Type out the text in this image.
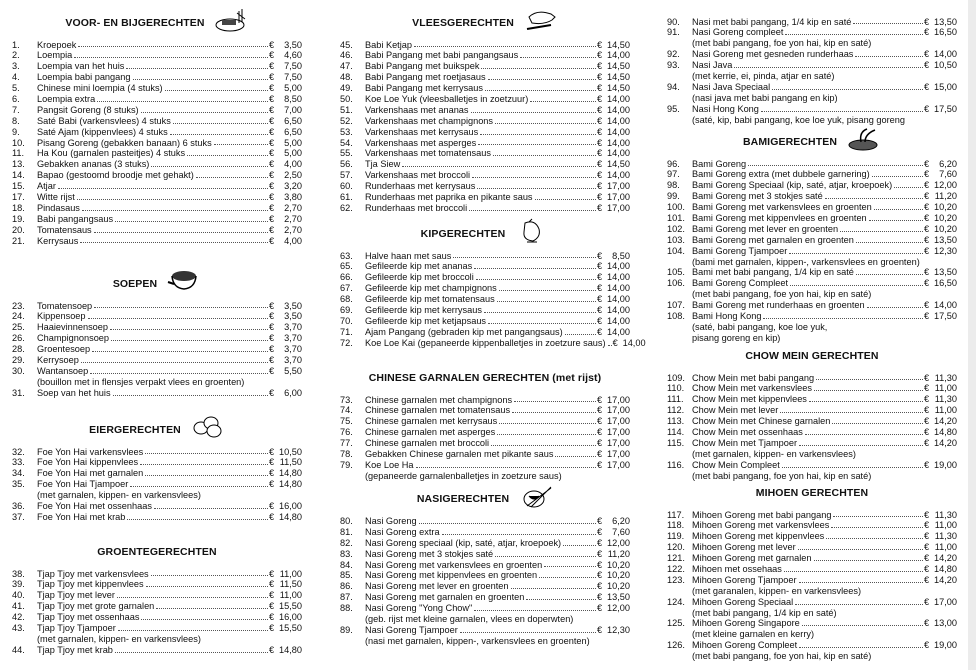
VOOR- EN BIJGERECHTEN
1.	Kroepoek	€	3,50
2.	Loempia	€	4,60
3.	Loempia van het huis	€	7,50
4.	Loempia babi pangang	€	7,50
5.	Chinese mini loempia (4 stuks)	€	5,00
6.	Loempia extra	€	8,50
7.	Pangsit Goreng (8 stuks)	€	7,00
8.	Saté Babi (varkensvlees) 4 stuks	€	6,50
9.	Saté Ajam (kippenvlees) 4 stuks	€	6,50
10.	Pisang Goreng (gebakken banaan) 6 stuks	€	5,00
11.	Ha Kou (garnalen pasteitjes) 4 stuks	€	5,00
13.	Gebakken ananas (3 stuks)	€	4,00
14.	Bapao (gestoomd broodje met gehakt)	€	2,50
15.	Atjar	€	3,20
17.	Witte rijst	€	3,80
18.	Pindasaus	€	2,70
19.	Babi pangangsaus	€	2,70
20.	Tomatensaus	€	2,70
21.	Kerrysaus	€	4,00
SOEPEN
23.	Tomatensoep	€	3,50
24.	Kippensoep	€	3,50
25.	Haaievinnensoep	€	3,70
26.	Champignonsoep	€	3,70
28.	Groentesoep	€	3,70
29.	Kerrysoep	€	3,70
30.	Wantansoep	€	5,50
(bouillon met in flensjes verpakt vlees en groenten)
31.	Soep van het huis	€	6,00
EIERGERECHTEN
32.	Foe Yon Hai varkensvlees	€ 10,50
33.	Foe Yon Hai kippenvlees	€ 11,50
34.	Foe Yon Hai met garnalen	€ 14,80
35.	Foe Yon Hai Tjampoer	€ 14,80
(met garnalen, kippen- en varkensvlees)
36.	Foe Yon Hai met ossenhaas	€ 16,00
37.	Foe Yon Hai met krab	€ 14,80
GROENTEGERECHTEN
38.	Tjap Tjoy met varkensvlees	€ 11,00
39.	Tjap Tjoy met kippenvlees	€ 11,50
40.	Tjap Tjoy met lever	€ 11,00
41.	Tjap Tjoy met grote garnalen	€ 15,50
42.	Tjap Tjoy met ossenhaas	€ 16,00
43.	Tjap Tjoy Tjampoer	€ 15,50
(met garnalen, kippen- en varkensvlees)
44.	Tjap Tjoy met krab	€ 14,80
VLEESGERECHTEN
45.	Babi Ketjap	€ 14,50
46.	Babi Pangang met babi pangangsaus	€ 14,00
47.	Babi Pangang met buikspek	€ 14,50
48.	Babi Pangang met roetjasaus	€ 14,50
49.	Babi Pangang met kerrysaus	€ 14,50
50.	Koe Loe Yuk (vleesballetjes in zoetzuur)	€ 14,00
51.	Varkenshaas met ananas	€ 14,00
52.	Varkenshaas met champignons	€ 14,00
53.	Varkenshaas met kerrysaus	€ 14,00
54.	Varkenshaas met asperges	€ 14,00
55.	Varkenshaas met tomatensaus	€ 14,00
56.	Tja Siew	€ 14,50
57.	Varkenshaas met broccoli	€ 14,00
60.	Runderhaas met kerrysaus	€ 17,00
61.	Runderhaas met paprika en pikante saus	€ 17,00
62.	Runderhaas met broccoli	€ 17,00
KIPGERECHTEN
63.	Halve haan met saus	€	8,50
65.	Gefileerde kip met ananas	€ 14,00
66.	Gefileerde kip met broccoli	€ 14,00
67.	Gefileerde kip met champignons	€ 14,00
68.	Gefileerde kip met tomatensaus	€ 14,00
69.	Gefileerde kip met kerrysaus	€ 14,00
70.	Gefileerde kip met ketjapsaus	€ 14,00
71.	Ajam Pangang (gebraden kip met pangangsaus)	€ 14,00
72.	Koe Loe Kai (gepaneerde kippenballetjes in zoetzure saus) € 14,00
CHINESE GARNALEN GERECHTEN (met rijst)
73.	Chinese garnalen met champignons	€ 17,00
74.	Chinese garnalen met tomatensaus	€ 17,00
75.	Chinese garnalen met kerrysaus	€ 17,00
76.	Chinese garnalen met asperges	€ 17,00
77.	Chinese garnalen met broccoli	€ 17,00
78.	Gebakken Chinese garnalen met pikante saus	€ 17,00
79.	Koe Loe Ha	€ 17,00
(gepaneerde garnalenballetjes in zoetzure saus)
NASIGERECHTEN
80.	Nasi Goreng	€	6,20
81.	Nasi Goreng extra	€	7,60
82.	Nasi Goreng speciaal (kip, saté, atjar, kroepoek)	€ 12,00
83.	Nasi Goreng met 3 stokjes saté	€ 11,20
84.	Nasi Goreng met varkensvlees en groenten	€ 10,20
85.	Nasi Goreng met kippenvlees en groenten	€ 10,20
86.	Nasi Goreng met lever en groenten	€ 10,20
87.	Nasi Goreng met garnalen en groenten	€ 13,50
88.	Nasi Goreng "Yong Chow"	€ 12,00
(geb. rijst met kleine garnalen, vlees en doperwten)
89.	Nasi Goreng Tjampoer	€ 12,30
(nasi met garnalen, kippen-, varkensvlees en groenten)
90.	Nasi met babi pangang, 1/4 kip en saté	€ 13,50
91.	Nasi Goreng compleet	€ 16,50
(met babi pangang, foe yon hai, kip en saté)
92.	Nasi Goreng met gesneden runderhaas	€ 14,00
93.	Nasi Java	€ 10,50
(met kerrie, ei, pinda, atjar en saté)
94.	Nasi Java Speciaal	€ 15,00
(nasi java met babi pangang en kip)
95.	Nasi Hong Kong	€ 17,50
(saté, kip, babi pangang, koe loe yuk, pisang goreng
BAMIGERECHTEN
96.	Bami Goreng	€	6,20
97.	Bami Goreng extra (met dubbele garnering)	€	7,60
98.	Bami Goreng Speciaal (kip, saté, atjar, kroepoek)	€ 12,00
99.	Bami Goreng met 3 stokjes saté	€ 11,20
100. Bami Goreng met varkensvlees en groenten	€ 10,20
101. Bami Goreng met kippenvlees en groenten	€ 10,20
102. Bami Goreng met lever en groenten	€ 10,20
103. Bami Goreng met garnalen en groenten	€ 13,50
104. Bami Goreng Tjampoer	€ 12,30
(bami met garnalen, kippen-, varkensvlees en groenten)
105. Bami met babi pangang, 1/4 kip en saté	€ 13,50
106. Bami Goreng Compleet	€ 16,50
(met babi pangang, foe yon hai, kip en saté)
107. Bami Goreng met runderhaas en groenten	€ 14,00
108. Bami Hong Kong	€ 17,50
(saté, babi pangang, koe loe yuk,
pisang goreng en kip)
CHOW MEIN GERECHTEN
109. Chow Mein met babi pangang	€ 11,30
110. Chow Mein met varkensvlees	€ 11,00
111. Chow Mein met kippenvlees	€ 11,30
112. Chow Mein met lever	€ 11,00
113. Chow Mein met Chinese garnalen	€ 14,20
114. Chow Mein met ossenhaas	€ 14,80
115. Chow Mein met Tjampoer	€ 14,20
(met garnalen, kippen- en varkensvlees)
116. Chow Mein Compleet	€ 19,00
(met babi pangang, foe yon hai, kip en saté)
MIHOEN GERECHTEN
117. Mihoen Goreng met babi pangang	€ 11,30
118. Mihoen Goreng met varkensvlees	€ 11,00
119. Mihoen Goreng met kippenvlees	€ 11,30
120. Mihoen Goreng met lever	€ 11,00
121. Mihoen Goreng met garnalen	€ 14,20
122. Mihoen met ossehaas	€ 14,80
123. Mihoen Goreng Tjampoer	€ 14,20
(met garanalen, kippen- en varkensvlees)
124. Mihoen Goreng Speciaal	€ 17,00
(met babi pangang, 1/4 kip en saté)
125. Mihoen Goreng Singapore	€ 13,00
(met kleine garnalen en kerry)
126. Mihoen Goreng Compleet	€ 19,00
(met babi pangang, foe yon hai, kip en saté)
